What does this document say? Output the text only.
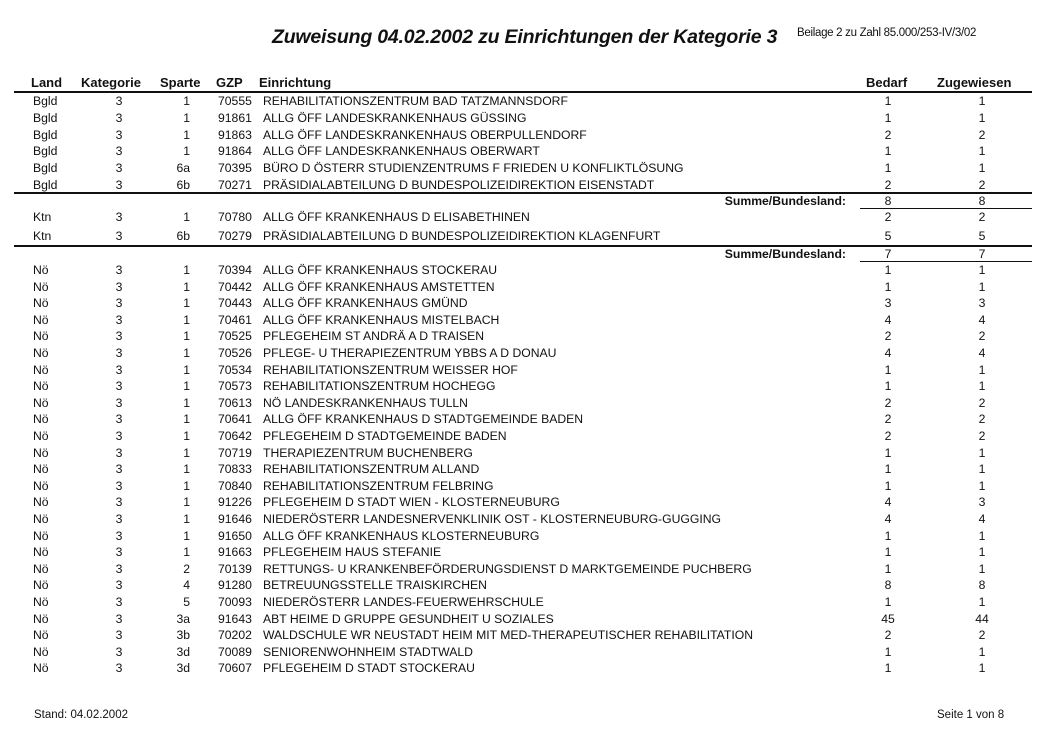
Zuweisung 04.02.2002 zu Einrichtungen der Kategorie 3 Beilage 2 zu Zahl 85.000/253-IV/3/02
Land Kategorie Sparte GZP Einrichtung	Bedarf Zugewiesen
Bgld	3	1 70555 REHABILITATIONSZENTRUM BAD TATZMANNSDORF	1	1
Bgld	3	1 91861 ALLG ÖFF LANDESKRANKENHAUS GÜSSING	1	1
Bgld	3	1 91863 ALLG ÖFF LANDESKRANKENHAUS OBERPULLENDORF	2	2
Bgld	3	1 91864 ALLG ÖFF LANDESKRANKENHAUS OBERWART	1	1
Bgld	3	6a 70395 BÜRO D ÖSTERR STUDIENZENTRUMS F FRIEDEN U KONFLIKTLÖSUNG	1	1
Bgld	3	6b 70271 PRÄSIDIALABTEILUNG D BUNDESPOLIZEIDIREKTION EISENSTADT	2	2
Summe/Bundesland:	8	8
Ktn	3	1 70780 ALLG ÖFF KRANKENHAUS D ELISABETHINEN	2	2
Ktn	3	6b 70279 PRÄSIDIALABTEILUNG D BUNDESPOLIZEIDIREKTION KLAGENFURT	5	5
Summe/Bundesland:	7	7
Nö	3	1 70394 ALLG ÖFF KRANKENHAUS STOCKERAU	1	1
Nö	3	1 70442 ALLG ÖFF KRANKENHAUS AMSTETTEN	1	1
Nö	3	1 70443 ALLG ÖFF KRANKENHAUS GMÜND	3	3
Nö	3	1 70461 ALLG ÖFF KRANKENHAUS MISTELBACH	4	4
Nö	3	1 70525 PFLEGEHEIM ST ANDRÄ A D TRAISEN	2	2
Nö	3	1 70526 PFLEGE- U THERAPIEZENTRUM YBBS A D DONAU	4	4
Nö	3	1 70534 REHABILITATIONSZENTRUM WEISSER HOF	1	1
Nö	3	1 70573 REHABILITATIONSZENTRUM HOCHEGG	1	1
Nö	3	1 70613 NÖ LANDESKRANKENHAUS TULLN	2	2
Nö	3	1 70641 ALLG ÖFF KRANKENHAUS D STADTGEMEINDE BADEN	2	2
Nö	3	1 70642 PFLEGEHEIM D STADTGEMEINDE BADEN	2	2
Nö	3	1 70719 THERAPIEZENTRUM BUCHENBERG	1	1
Nö	3	1 70833 REHABILITATIONSZENTRUM ALLAND	1	1
Nö	3	1 70840 REHABILITATIONSZENTRUM FELBRING	1	1
Nö	3	1 91226 PFLEGEHEIM D STADT WIEN - KLOSTERNEUBURG	4	3
Nö	3	1 91646 NIEDERÖSTERR LANDESNERVENKLINIK OST - KLOSTERNEUBURG-GUGGING	4	4
Nö	3	1 91650 ALLG ÖFF KRANKENHAUS KLOSTERNEUBURG	1	1
Nö	3	1 91663 PFLEGEHEIM HAUS STEFANIE	1	1
Nö	3	2 70139 RETTUNGS- U KRANKENBEFÖRDERUNGSDIENST D MARKTGEMEINDE PUCHBERG	1	1
Nö	3	4 91280 BETREUUNGSSTELLE TRAISKIRCHEN	8	8
Nö	3	5 70093 NIEDERÖSTERR LANDES-FEUERWEHRSCHULE	1	1
Nö	3	3a 91643 ABT HEIME D GRUPPE GESUNDHEIT U SOZIALES	45	44
Nö	3	3b 70202 WALDSCHULE WR NEUSTADT HEIM MIT MED-THERAPEUTISCHER REHABILITATION	2	2
Nö	3	3d 70089 SENIORENWOHNHEIM STADTWALD	1	1
Nö	3	3d 70607 PFLEGEHEIM D STADT STOCKERAU	1	1
Stand: 04.02.2002	Seite 1 von 8
